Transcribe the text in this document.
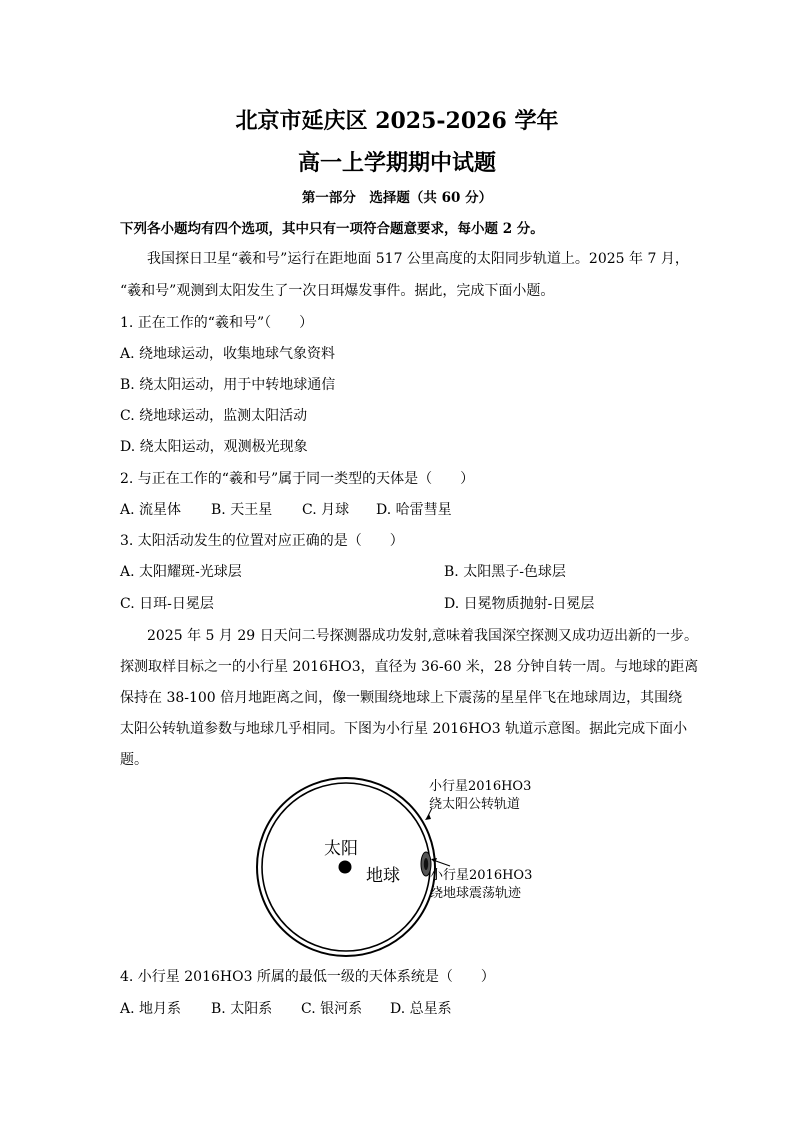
北京市延庆区 2025-2026 学年
高一上学期期中试题
第一部分　选择题（共 60 分）
下列各小题均有四个选项，其中只有一项符合题意要求，每小题 2 分。
我国探日卫星“羲和号”运行在距地面 517 公里高度的太阳同步轨道上。2025 年 7 月，
“羲和号”观测到太阳发生了一次日珥爆发事件。据此，完成下面小题。
1. 正在工作的“羲和号”（　　）
A. 绕地球运动，收集地球气象资料
B. 绕太阳运动，用于中转地球通信
C. 绕地球运动，监测太阳活动
D. 绕太阳运动，观测极光现象
2. 与正在工作的“羲和号”属于同一类型的天体是（　　）
A. 流星体 B. 天王星 C. 月球 D. 哈雷彗星
3. 太阳活动发生的位置对应正确的是（　　）
A. 太阳耀斑-光球层	B. 太阳黑子-色球层
C. 日珥-日冕层	D. 日冕物质抛射-日冕层
2025 年 5 月 29 日天问二号探测器成功发射,意味着我国深空探测又成功迈出新的一步。
探测取样目标之一的小行星 2016HO3，直径为 36-60 米，28 分钟自转一周。与地球的距离
保持在 38-100 倍月地距离之间，像一颗围绕地球上下震荡的星星伴飞在地球周边，其围绕
太阳公转轨道参数与地球几乎相同。下图为小行星 2016HO3 轨道示意图。据此完成下面小
题。
太阳
地球
小行星2016HO3
绕太阳公转轨道
小行星2016HO3
绕地球震荡轨迹
4. 小行星 2016HO3 所属的最低一级的天体系统是（　　）
A. 地月系 B. 太阳系 C. 银河系 D. 总星系
